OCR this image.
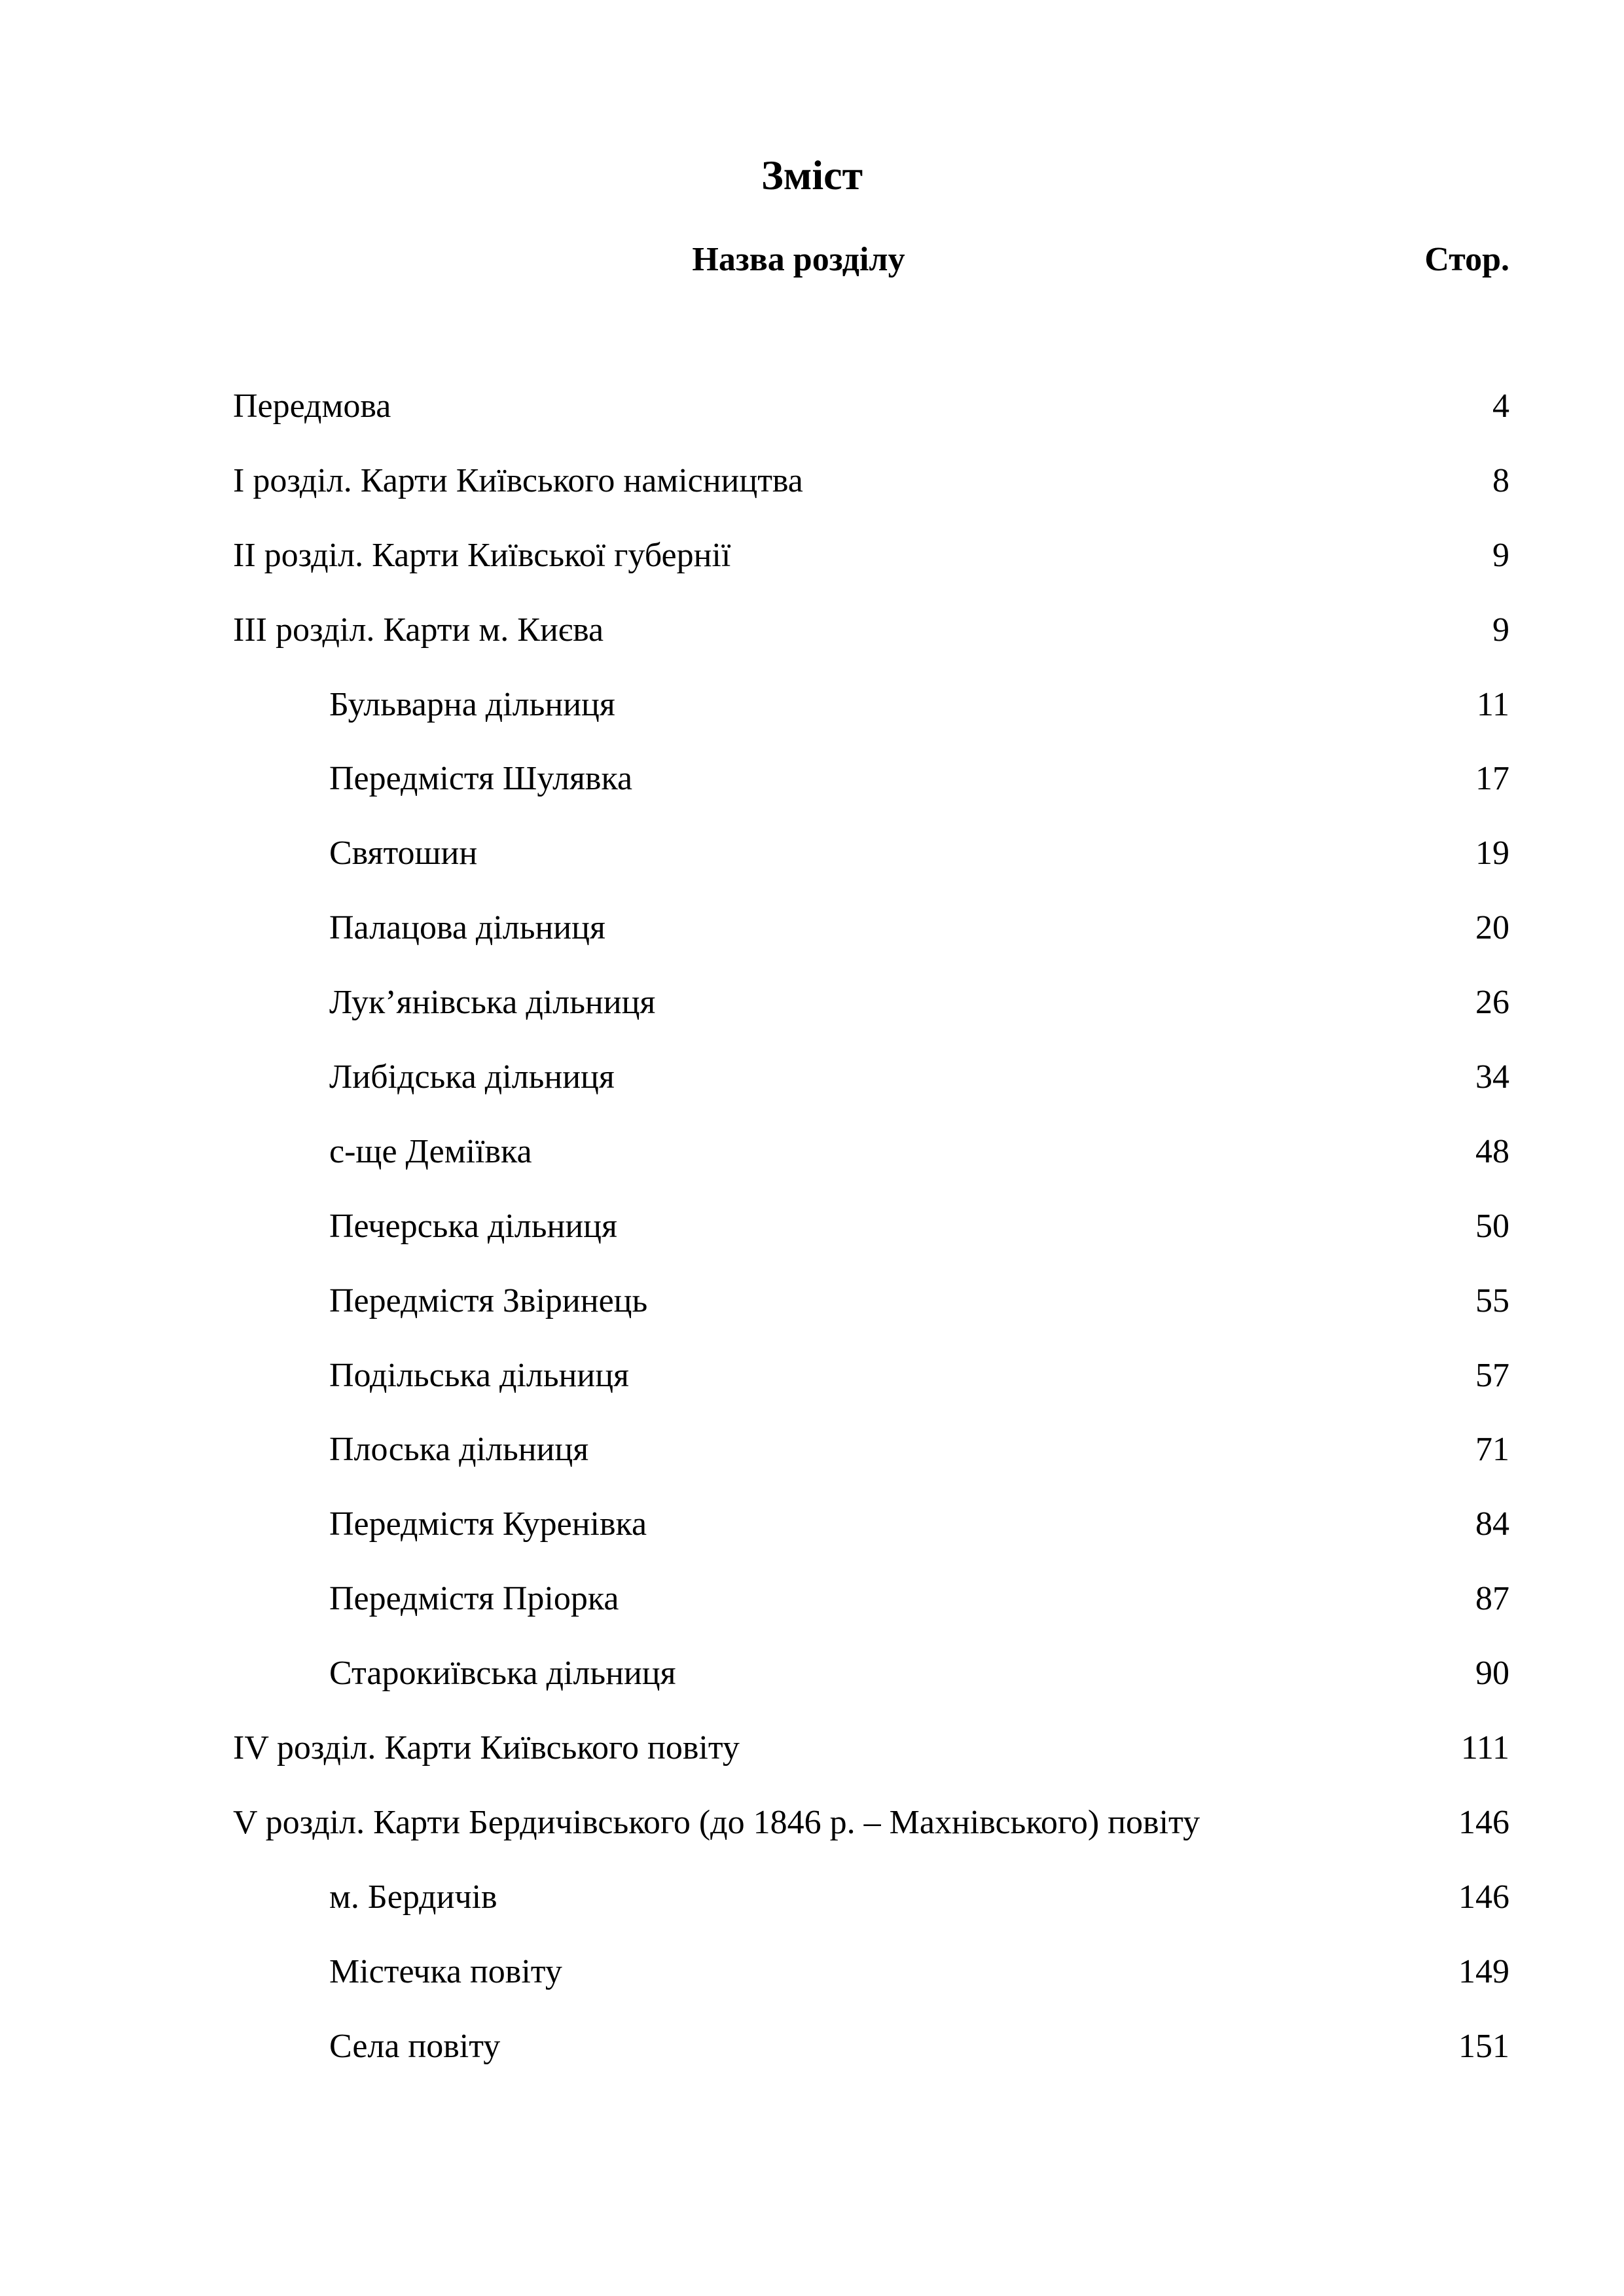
Зміст
Назва розділу	Стор.
Передмова	4
І розділ. Карти Київського намісництва	8
ІІ розділ. Карти Київської губернії	9
ІІІ розділ. Карти м. Києва	9
Бульварна дільниця	11
Передмістя Шулявка	17
Святошин	19
Палацова дільниця	20
Лук’янівська дільниця	26
Либідська дільниця	34
с-ще Деміївка	48
Печерська дільниця	50
Передмістя Звіринець	55
Подільська дільниця	57
Плоська дільниця	71
Передмістя Куренівка	84
Передмістя Пріорка	87
Старокиївська дільниця	90
IV розділ. Карти Київського повіту	111
V розділ. Карти Бердичівського (до 1846 р. – Махнівського) повіту	146
м. Бердичів	146
Містечка повіту	149
Села повіту	151
